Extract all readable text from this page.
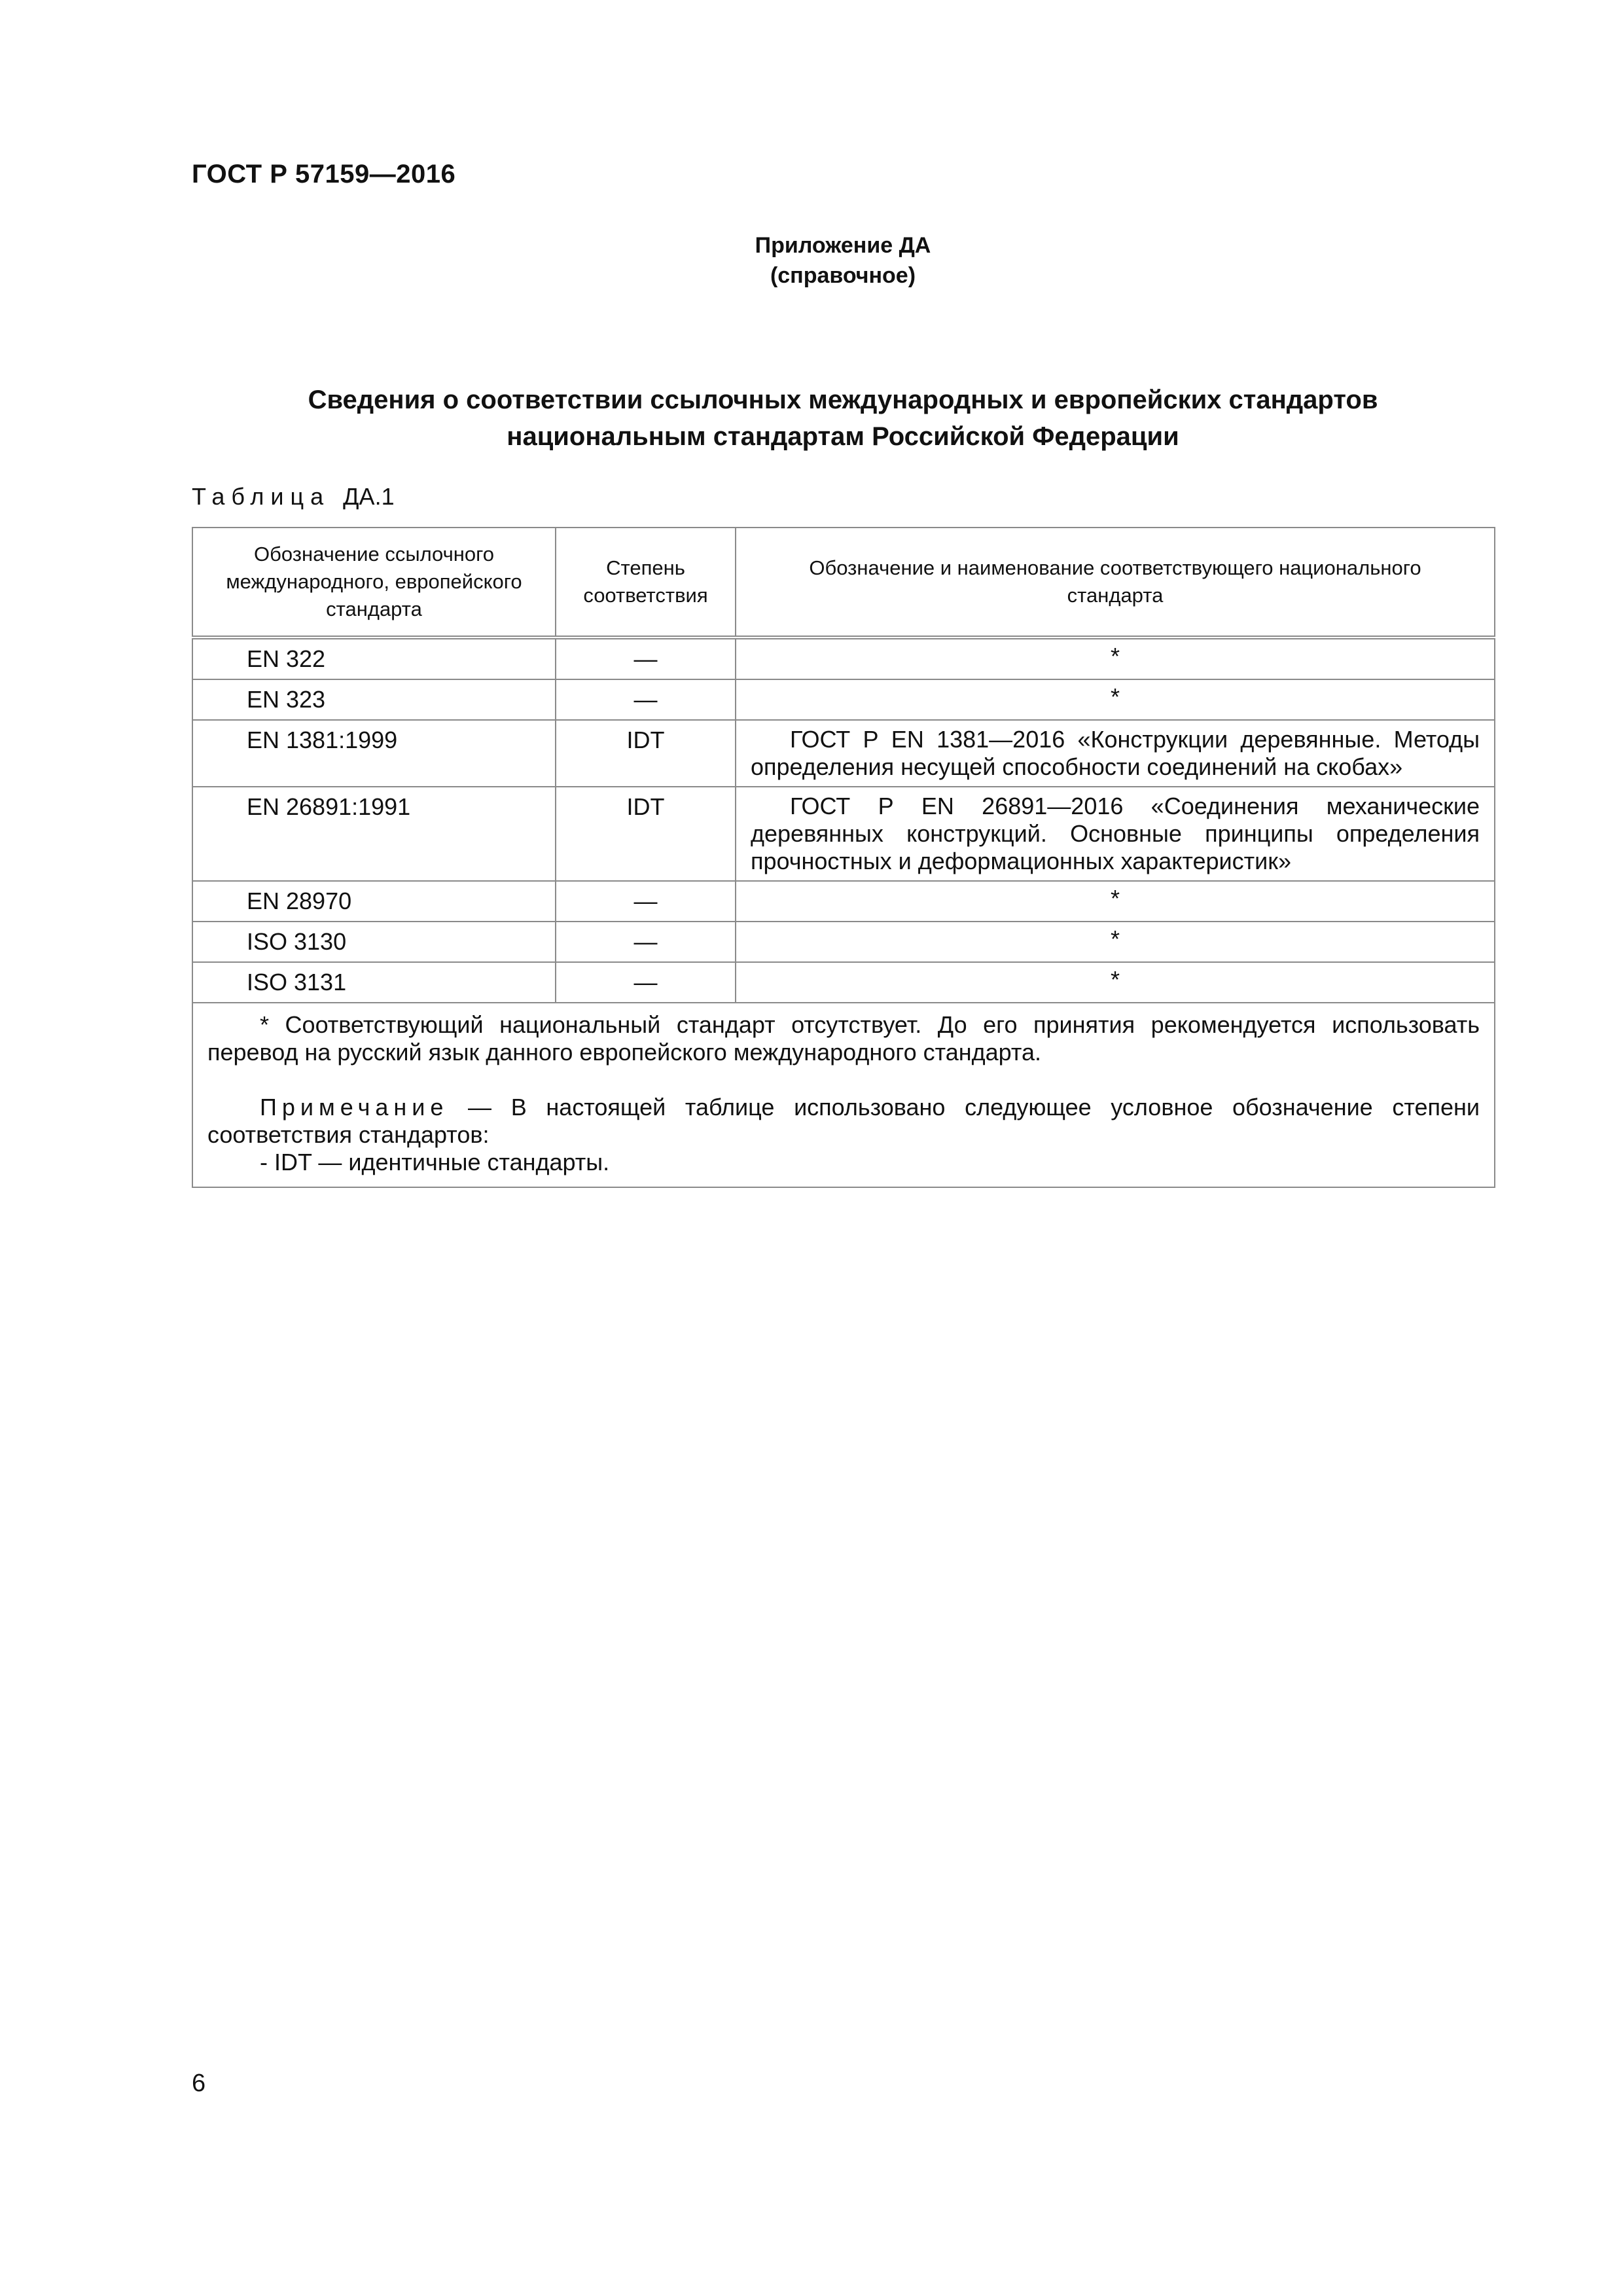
ГОСТ Р 57159—2016
Приложение ДА
(справочное)
Сведения о соответствии ссылочных международных и европейских стандартов
национальным стандартам Российской Федерации
Таблица ДА.1
Обозначение ссылочного международного, европейского стандарта	Степень соответствия	Обозначение и наименование соответствующего национального стандарта
EN 322	—	*
EN 323	—	*
EN 1381:1999	IDT	ГОСТ Р EN 1381—2016 «Конструкции деревянные. Методы определения несущей способности соединений на скобах»
EN 26891:1991	IDT	ГОСТ Р EN 26891—2016 «Соединения механические деревянных конструкций. Основные принципы определения прочностных и деформационных характеристик»
EN 28970	—	*
ISO 3130	—	*
ISO 3131	—	*

* Соответствующий национальный стандарт отсутствует. До его принятия рекомендуется использовать перевод на русский язык данного европейского международного стандарта.

Примечание — В настоящей таблице использовано следующее условное обозначение степени соответствия стандартов:

- IDT — идентичные стандарты.		

6
